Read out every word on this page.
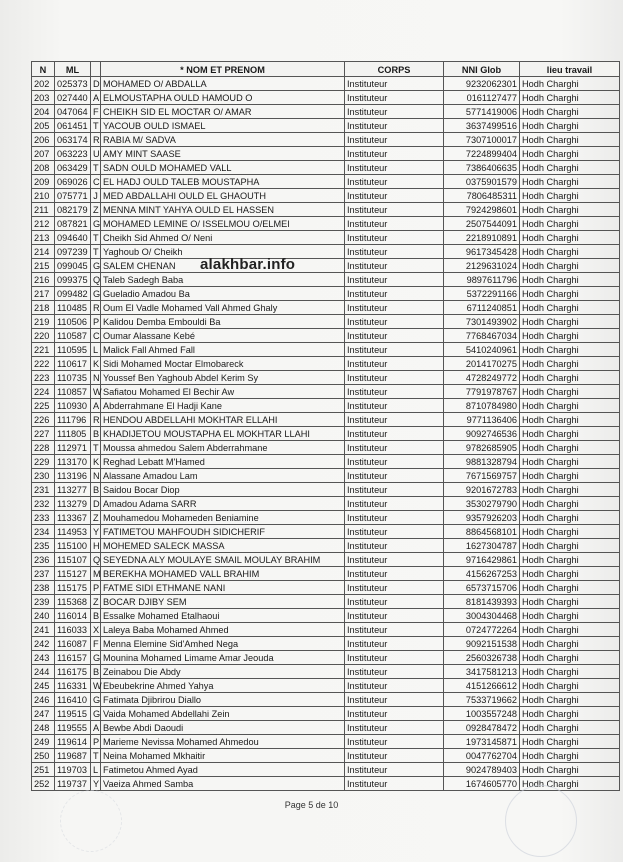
N	ML		* NOM ET PRENOM	CORPS	NNI Glob	lieu travail
202	025373	D	MOHAMED O/ ABDALLA	Instituteur	9232062301	Hodh Charghi
203	027440	A	ELMOUSTAPHA OULD HAMOUD O	Instituteur	0161127477	Hodh Charghi
204	047064	F	CHEIKH SID EL MOCTAR O/ AMAR	Instituteur	5771419006	Hodh Charghi
205	061451	T	YACOUB OULD ISMAEL	Instituteur	3637499516	Hodh Charghi
206	063174	R	RABIA M/ SADVA	Instituteur	7307100017	Hodh Charghi
207	063223	U	AMY MINT SAASE	Instituteur	7224899404	Hodh Charghi
208	063429	T	SADN OULD MOHAMED VALL	Instituteur	7386406635	Hodh Charghi
209	069026	C	EL HADJ OULD TALEB MOUSTAPHA	Instituteur	0375901579	Hodh Charghi
210	075771	J	MED ABDALLAHI OULD EL GHAOUTH	Instituteur	7806485311	Hodh Charghi
211	082179	Z	MENNA MINT YAHYA OULD EL HASSEN	Instituteur	7924298601	Hodh Charghi
212	087821	G	MOHAMED LEMINE O/ ISSELMOU O/ELMEI	Instituteur	2507544091	Hodh Charghi
213	094640	T	Cheikh Sid Ahmed O/ Neni	Instituteur	2218910891	Hodh Charghi
214	097239	T	Yaghoub O/ Cheikh	Instituteur	9617345428	Hodh Charghi
215	099045	G	SALEM CHENAN	Instituteur	2129631024	Hodh Charghi
216	099375	Q	Taleb Sadegh Baba	Instituteur	9897611796	Hodh Charghi
217	099482	G	Gueladio Amadou Ba	Instituteur	5372291166	Hodh Charghi
218	110485	R	Oum El Vadle Mohamed Vall Ahmed Ghaly	Instituteur	6711240851	Hodh Charghi
219	110506	P	Kalidou Demba Embouldi Ba	Instituteur	7301493902	Hodh Charghi
220	110587	C	Oumar Alassane Kebé	Instituteur	7768467034	Hodh Charghi
221	110595	L	Malick Fall Ahmed Fall	Instituteur	5410240961	Hodh Charghi
222	110617	K	Sidi Mohamed Moctar Elmobareck	Instituteur	2014170275	Hodh Charghi
223	110735	N	Youssef Ben Yaghoub Abdel Kerim Sy	Instituteur	4728249772	Hodh Charghi
224	110857	W	Safiatou Mohamed El Bechir Aw	Instituteur	7791978767	Hodh Charghi
225	110930	A	Abderrahmane El Hadji Kane	Instituteur	8710784980	Hodh Charghi
226	111796	R	HENDOU ABDELLAHI MOKHTAR ELLAHI	Instituteur	9771136406	Hodh Charghi
227	111805	B	KHADIJETOU MOUSTAPHA EL MOKHTAR LLAHI	Instituteur	9092746536	Hodh Charghi
228	112971	T	Moussa ahmedou Salem Abderrahmane	Instituteur	9782685905	Hodh Charghi
229	113170	K	Reghad Lebatt M'Hamed	Instituteur	9881328794	Hodh Charghi
230	113196	N	Alassane Amadou Lam	Instituteur	7671569757	Hodh Charghi
231	113277	B	Saidou Bocar Diop	Instituteur	9201672783	Hodh Charghi
232	113279	D	Amadou Adama SARR	Instituteur	3530279790	Hodh Charghi
233	113367	Z	Mouhamedou Mohameden Beniamine	Instituteur	9357926203	Hodh Charghi
234	114953	Y	FATIMETOU MAHFOUDH SIDICHERIF	Instituteur	8864568101	Hodh Charghi
235	115100	H	MOHEMED SALECK MASSA	Instituteur	1627304787	Hodh Charghi
236	115107	Q	SEYEDNA ALY MOULAYE SMAIL MOULAY BRAHIM	Instituteur	9716429861	Hodh Charghi
237	115127	M	BEREKHA MOHAMED VALL BRAHIM	Instituteur	4156267253	Hodh Charghi
238	115175	P	FATME SIDI ETHMANE NANI	Instituteur	6573715706	Hodh Charghi
239	115368	Z	BOCAR DJIBY SEM	Instituteur	8181439393	Hodh Charghi
240	116014	B	Essalke Mohamed Etalhaoui	Instituteur	3004304468	Hodh Charghi
241	116033	X	Laleya Baba Mohamed Ahmed	Instituteur	0724772264	Hodh Charghi
242	116087	F	Menna Elemine Sid'Amhed Nega	Instituteur	9092151538	Hodh Charghi
243	116157	G	Mounina Mohamed Limame Amar Jeouda	Instituteur	2560326738	Hodh Charghi
244	116175	B	Zeinabou Die Abdy	Instituteur	3417581213	Hodh Charghi
245	116331	W	Ebeubekrine Ahmed Yahya	Instituteur	4151266612	Hodh Charghi
246	116410	G	Fatimata Djibrirou Diallo	Instituteur	7533719662	Hodh Charghi
247	119515	G	Vaida Mohamed Abdellahi Zein	Instituteur	1003557248	Hodh Charghi
248	119555	A	Bewbe Abdi Daoudi	Instituteur	0928478472	Hodh Charghi
249	119614	P	Marieme Nevissa Mohamed Ahmedou	Instituteur	1973145871	Hodh Charghi
250	119687	T	Neina Mohamed Mkhaitir	Instituteur	0047762704	Hodh Charghi
251	119703	L	Fatimetou Ahmed Ayad	Instituteur	9024789403	Hodh Charghi
252	119737	Y	Vaeiza Ahmed Samba	Instituteur	1674605770	Hodh Charghi
alakhbar.info
Page 5 de 10
